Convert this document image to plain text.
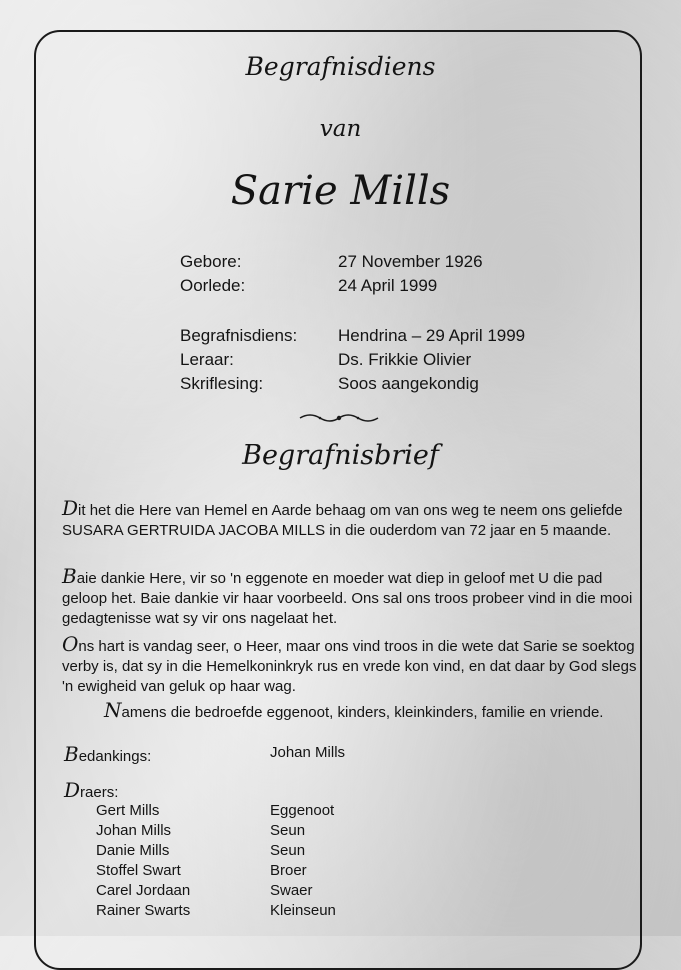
Begrafnisdiens
van
Sarie Mills
Gebore:	27 November 1926
Oorlede:	24 April 1999
Begrafnisdiens: Hendrina – 29 April 1999
Leraar:	Ds. Frikkie Olivier
Skriflesing:	Soos aangekondig
Begrafnisbrief
Dit het die Here van Hemel en Aarde behaag om van ons weg te neem ons geliefde SUSARA GERTRUIDA JACOBA MILLS in die ouderdom van 72 jaar en 5 maande.
Baie dankie Here, vir so 'n eggenote en moeder wat diep in geloof met U die pad geloop het. Baie dankie vir haar voorbeeld. Ons sal ons troos probeer vind in die mooi gedagtenisse wat sy vir ons nagelaat het.
Ons hart is vandag seer, o Heer, maar ons vind troos in die wete dat Sarie se soektog verby is, dat sy in die Hemelkoninkryk rus en vrede kon vind, en dat daar by God slegs 'n ewigheid van geluk op haar wag.
Namens die bedroefde eggenoot, kinders, kleinkinders, familie en vriende.
Bedankings:	Johan Mills
Draers:
Gert Mills	Eggenoot
Johan Mills	Seun
Danie Mills	Seun
Stoffel Swart	Broer
Carel Jordaan	Swaer
Rainer Swarts	Kleinseun
